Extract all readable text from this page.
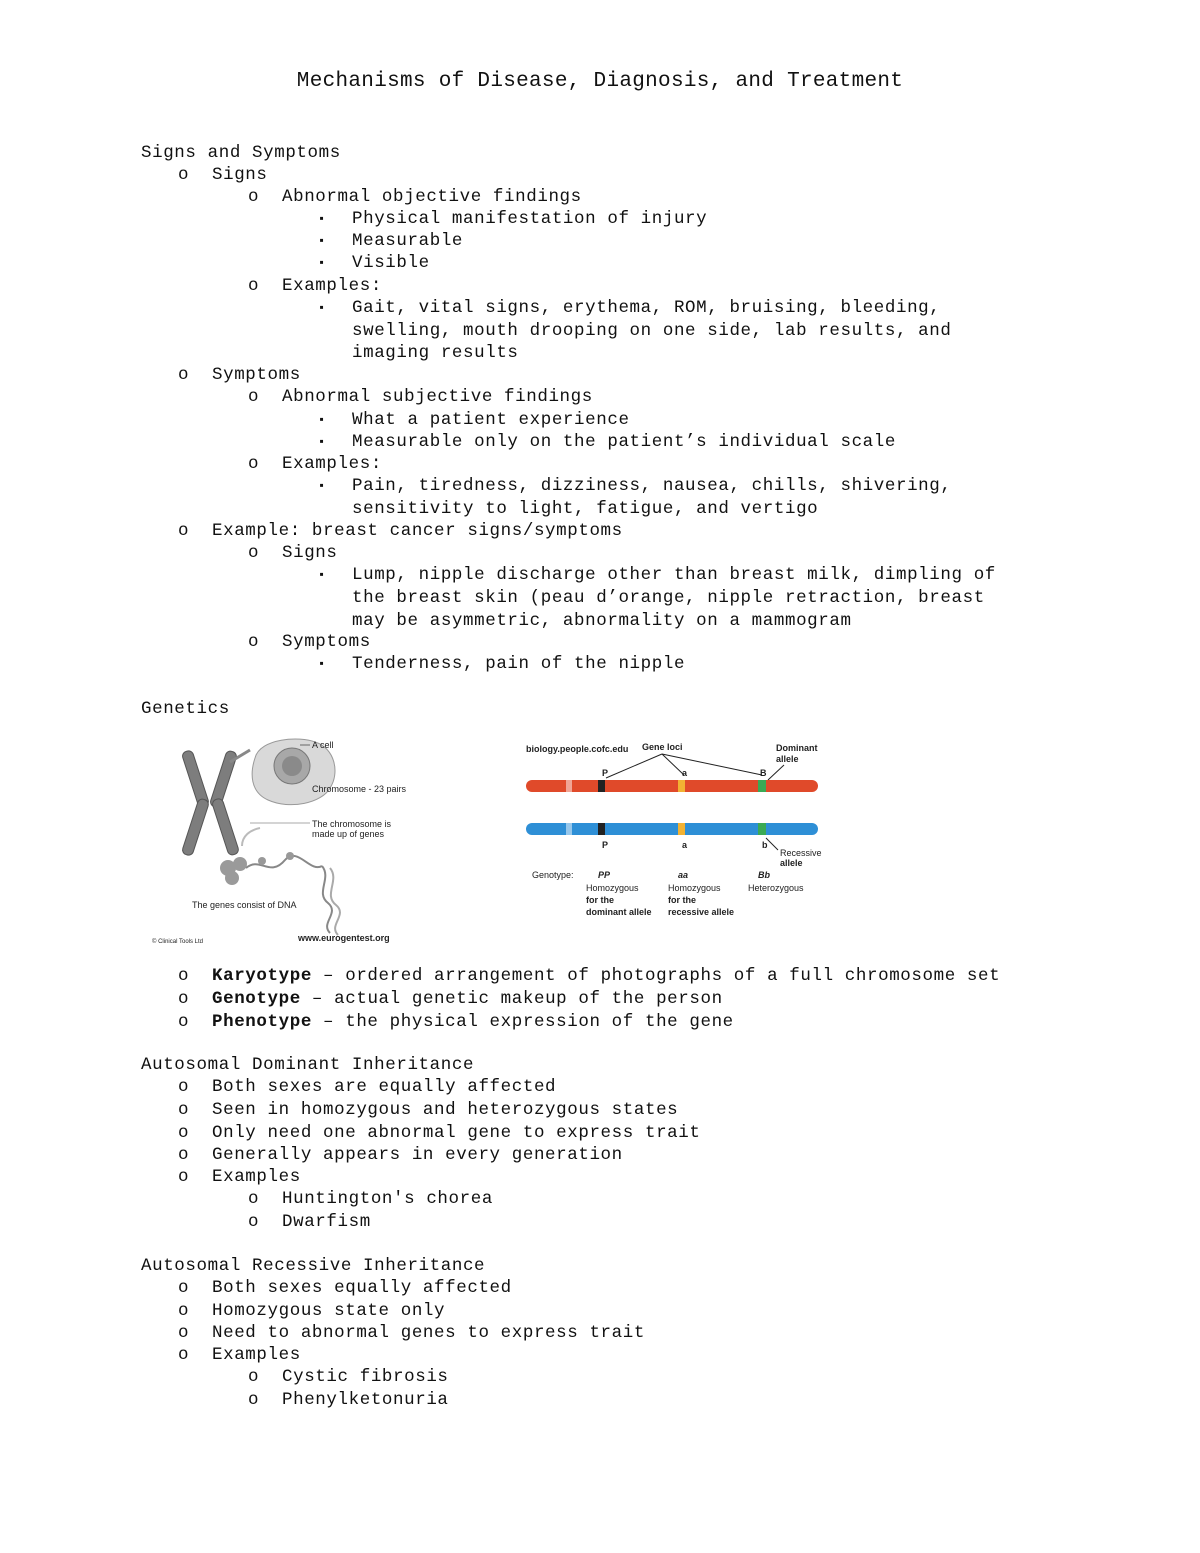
Mechanisms of Disease, Diagnosis, and Treatment
Signs and Symptoms
o Signs
o Abnormal objective findings
▪ Physical manifestation of injury
▪ Measurable
▪ Visible
o Examples:
▪ Gait, vital signs, erythema, ROM, bruising, bleeding,
swelling, mouth drooping on one side, lab results, and
imaging results
o Symptoms
o Abnormal subjective findings
▪ What a patient experience
▪ Measurable only on the patient’s individual scale
o Examples:
▪ Pain, tiredness, dizziness, nausea, chills, shivering,
sensitivity to light, fatigue, and vertigo
o Example: breast cancer signs/symptoms
o Signs
▪ Lump, nipple discharge other than breast milk, dimpling of
the breast skin (peau d’orange, nipple retraction, breast
may be asymmetric, abnormality on a mammogram
o Symptoms
▪ Tenderness, pain of the nipple
Genetics
A cell
Chromosome - 23 pairs
The chromosome is
made up of genes
The genes consist of DNA
www.eurogentest.org
© Clinical Tools Ltd
biology.people.cofc.edu Gene loci	Dominant
allele
P	a	B
P	a	b
Recessive
allele
Genotype:	PP	aa	Bb
Homozygous
for the
dominant allele
Homozygous
for the
recessive allele
Heterozygous
o Karyotype – ordered arrangement of photographs of a full chromosome set
o Genotype – actual genetic makeup of the person
o Phenotype – the physical expression of the gene
Autosomal Dominant Inheritance
o Both sexes are equally affected
o Seen in homozygous and heterozygous states
o Only need one abnormal gene to express trait
o Generally appears in every generation
o Examples
o Huntington's chorea
o Dwarfism
Autosomal Recessive Inheritance
o Both sexes equally affected
o Homozygous state only
o Need to abnormal genes to express trait
o Examples
o Cystic fibrosis
o Phenylketonuria
